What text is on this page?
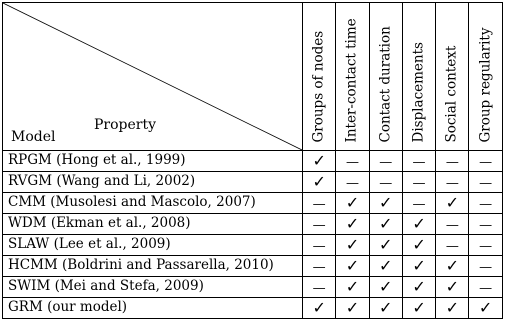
Property
Model	Groups of nodes	Inter-contact time	Contact duration	Displacements	Social context	Group regularity

RPGM (Hong et al., 1999)	✓	—	—	—	—	—
RVGM (Wang and Li, 2002)	✓	—	—	—	—	—
CMM (Musolesi and Mascolo, 2007)	—	✓	✓	—	✓	—
WDM (Ekman et al., 2008)	—	✓	✓	✓	—	—
SLAW (Lee et al., 2009)	—	✓	✓	✓	—	—
HCMM (Boldrini and Passarella, 2010)	—	✓	✓	✓	✓	—
SWIM (Mei and Stefa, 2009)	—	✓	✓	✓	✓	—
GRM (our model)	✓	✓	✓	✓	✓	✓
